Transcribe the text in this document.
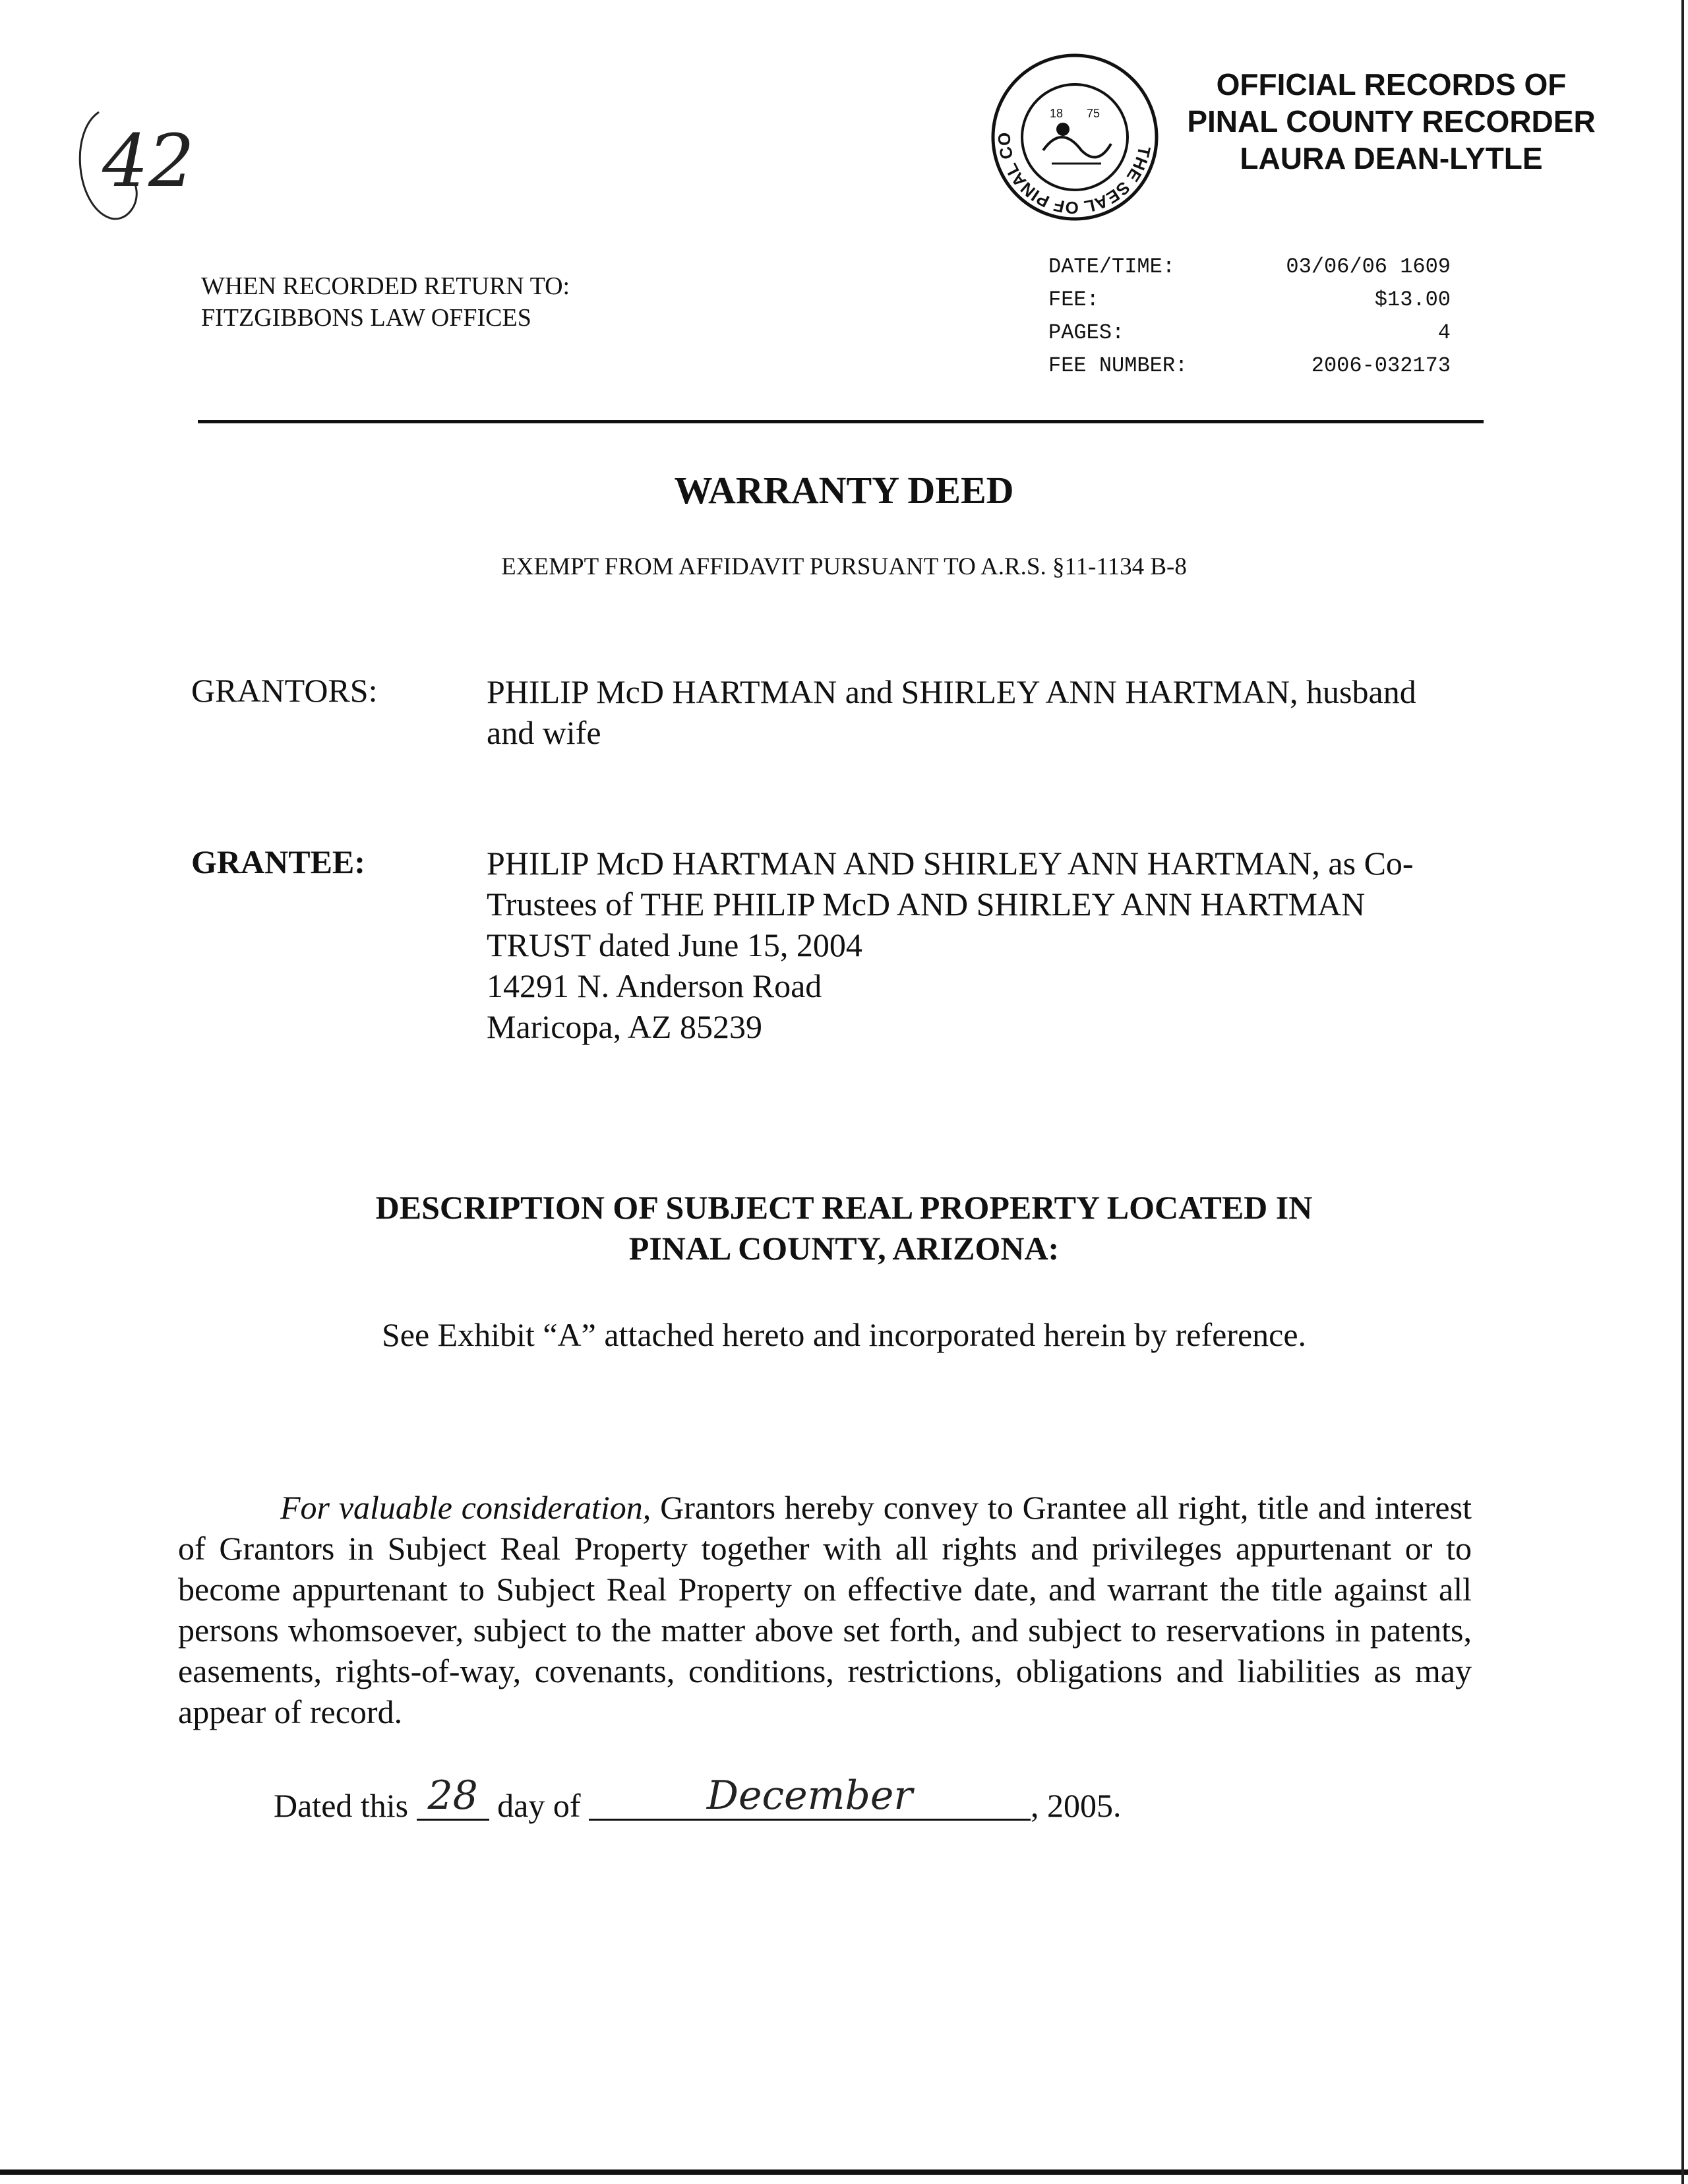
42	THE SEAL OF PINAL CO
18 75
OFFICIAL RECORDS OF
PINAL COUNTY RECORDER
LAURA DEAN-LYTLE
WHEN RECORDED RETURN TO:
FITZGIBBONS LAW OFFICES
DATE/TIME:	03/06/06 1609
FEE:	$13.00
PAGES:	4
FEE NUMBER:	2006-032173
WARRANTY DEED
EXEMPT FROM AFFIDAVIT PURSUANT TO A.R.S. §11-1134 B-8
GRANTORS:	PHILIP McD HARTMAN and SHIRLEY ANN HARTMAN, husband
and wife
GRANTEE:	PHILIP McD HARTMAN AND SHIRLEY ANN HARTMAN, as Co-
Trustees of THE PHILIP McD AND SHIRLEY ANN HARTMAN
TRUST dated June 15, 2004
14291 N. Anderson Road
Maricopa, AZ 85239
DESCRIPTION OF SUBJECT REAL PROPERTY LOCATED IN
PINAL COUNTY, ARIZONA:
See Exhibit “A” attached hereto and incorporated herein by reference.
For valuable consideration, Grantors hereby convey to Grantee all right, title and interest of Grantors in Subject Real Property together with all rights and privileges appurtenant or to become appurtenant to Subject Real Property on effective date, and warrant the title against all persons whomsoever, subject to the matter above set forth, and subject to reservations in patents, easements, rights-of-way, covenants, conditions, restrictions, obligations and liabilities as may appear of record.
Dated this 28 day of	December	, 2005.
